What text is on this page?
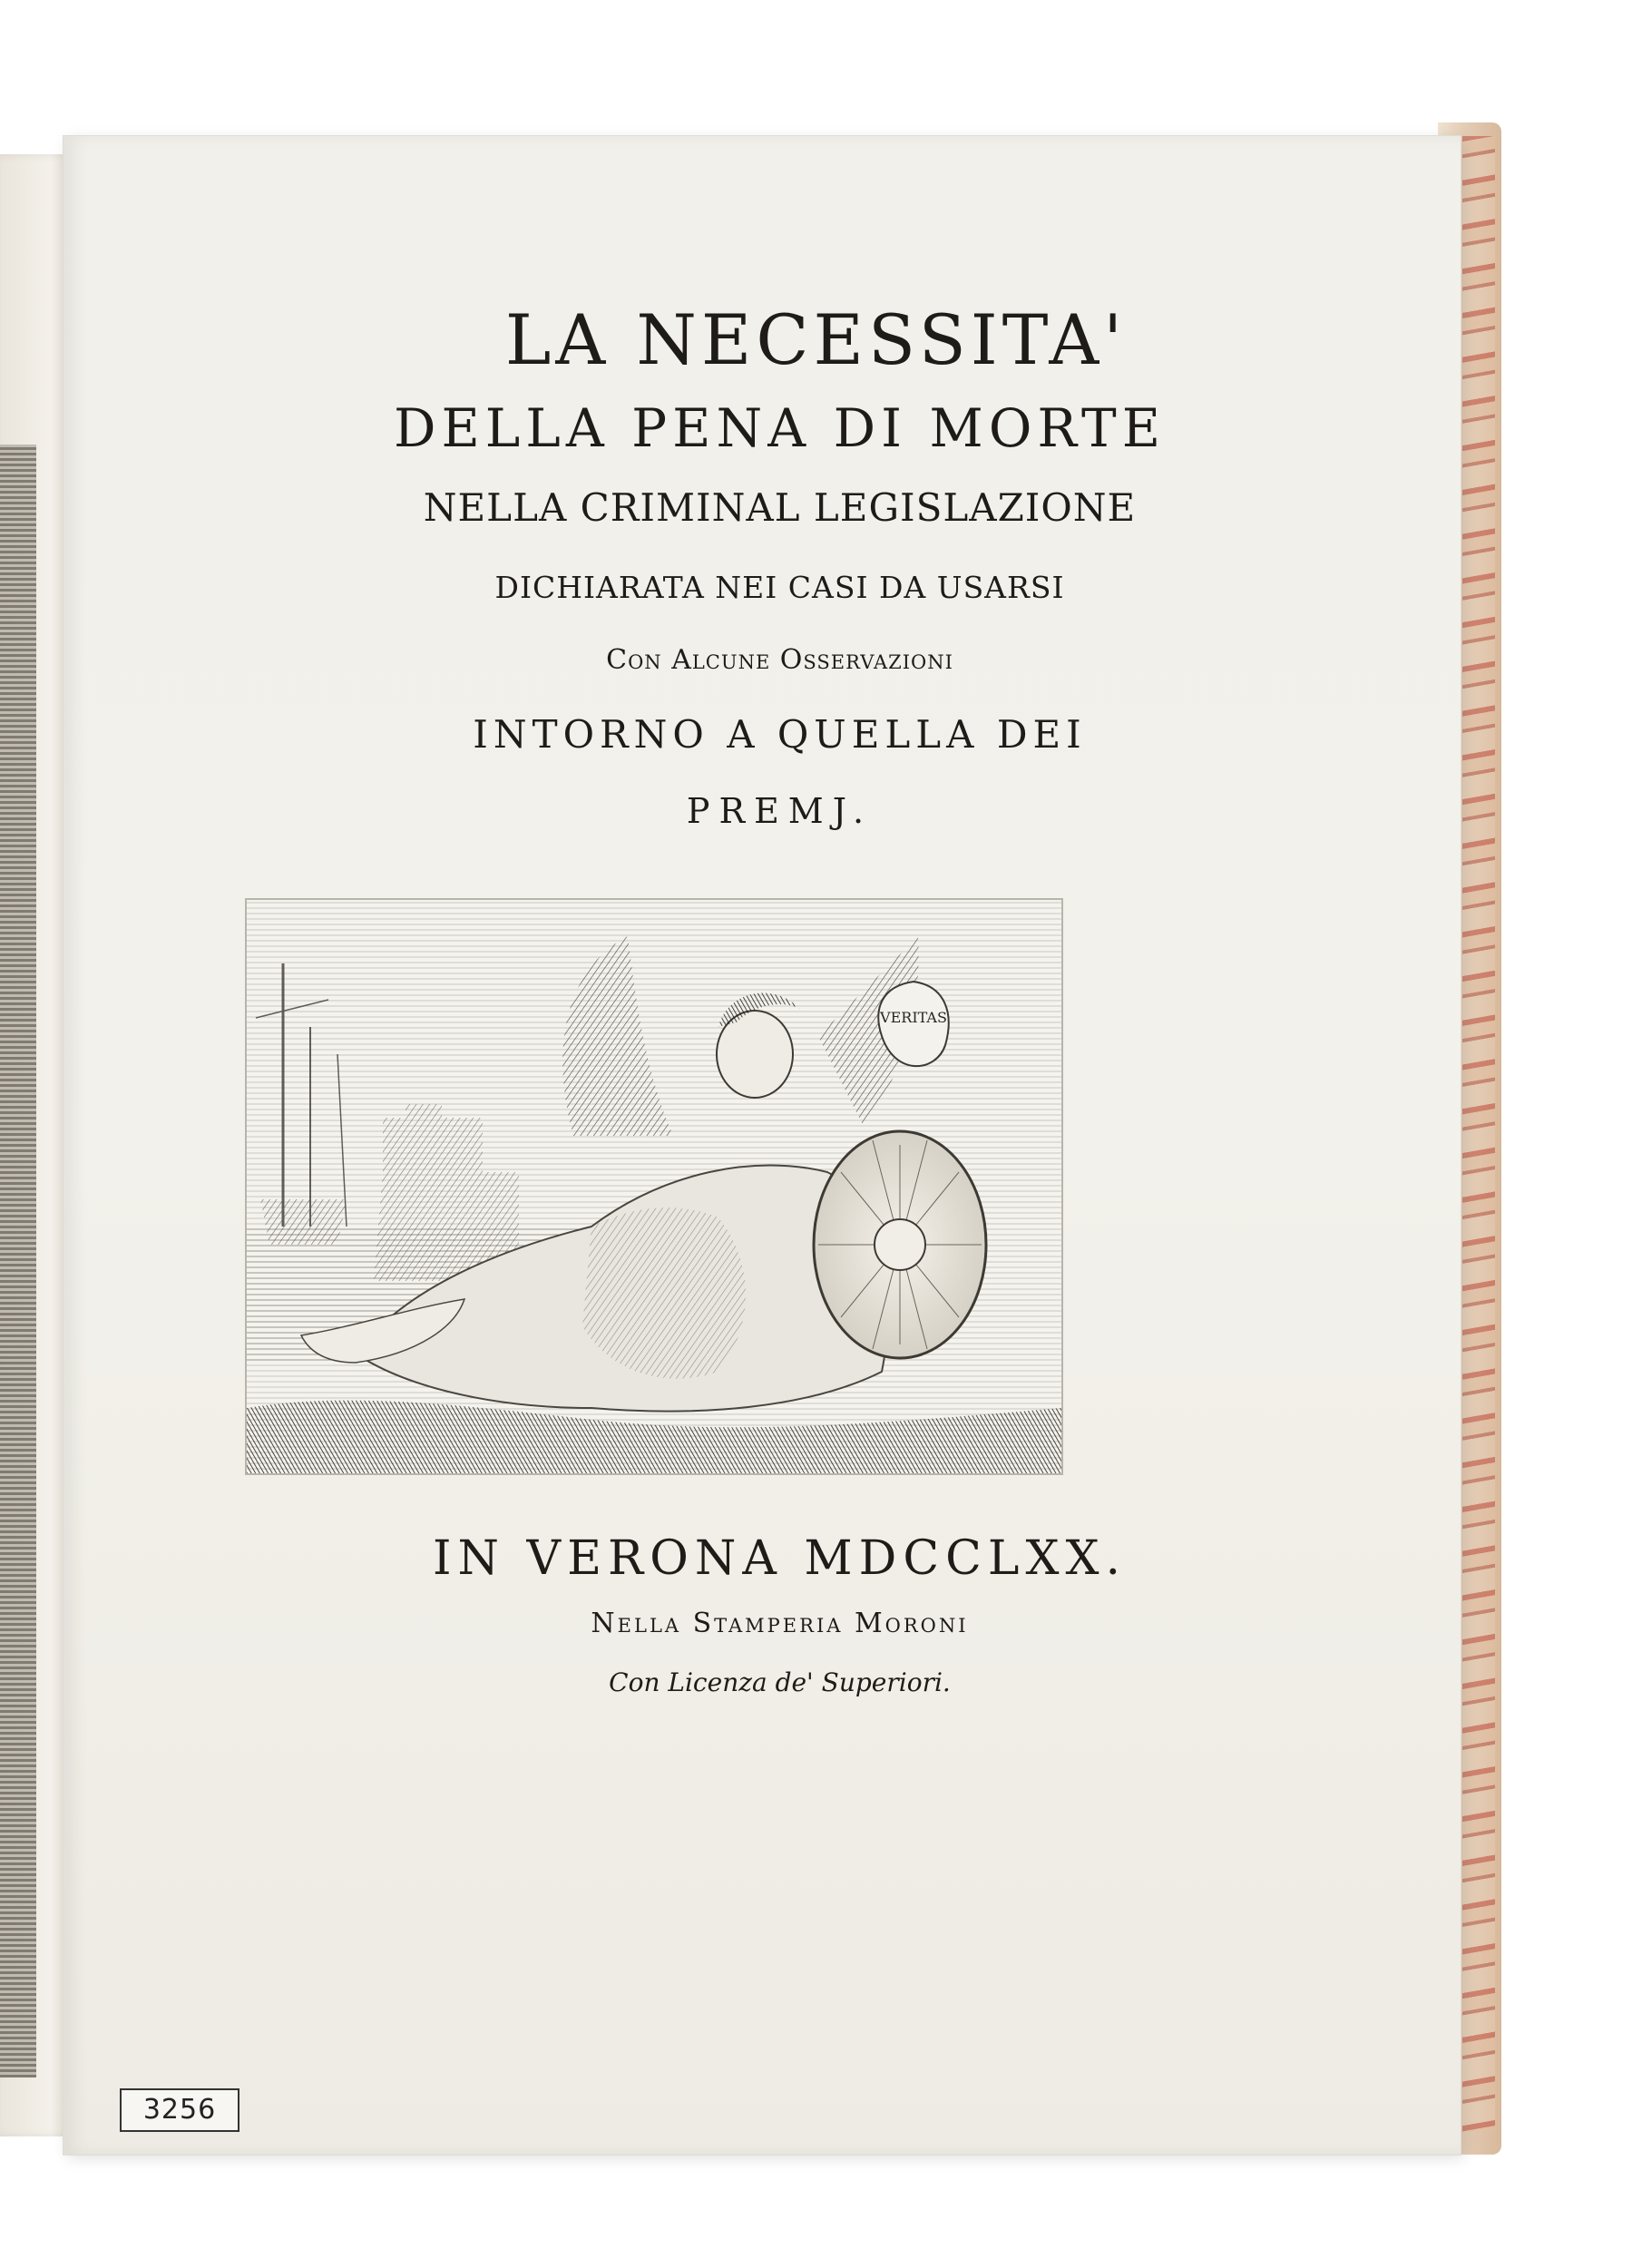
LA NECESSITA'
DELLA PENA DI MORTE
NELLA CRIMINAL LEGISLAZIONE
DICHIARATA NEI CASI DA USARSI
Con Alcune Osservazioni
INTORNO A QUELLA DEI
PREMJ.
VERITAS
IN VERONA MDCCLXX.
Nella Stamperia Moroni
Con Licenza de' Superiori.
3256
